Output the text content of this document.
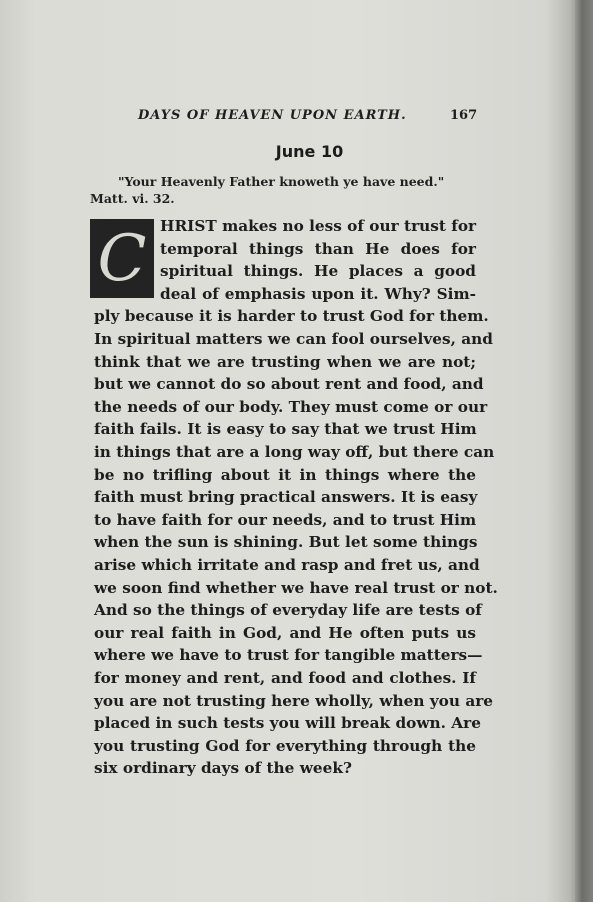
DAYS OF HEAVEN UPON EARTH.	167
June 10
"Your Heavenly Father knoweth ye have need."
Matt. vi. 32.
C HRIST makes no less of our trust for
temporal things than He does for
spiritual things. He places a good
deal of emphasis upon it. Why? Sim-
ply because it is harder to trust God for them.
In spiritual matters we can fool ourselves, and
think that we are trusting when we are not;
but we cannot do so about rent and food, and
the needs of our body. They must come or our
faith fails. It is easy to say that we trust Him
in things that are a long way off, but there can
be no trifling about it in things where the
faith must bring practical answers. It is easy
to have faith for our needs, and to trust Him
when the sun is shining. But let some things
arise which irritate and rasp and fret us, and
we soon find whether we have real trust or not.
And so the things of everyday life are tests of
our real faith in God, and He often puts us
where we have to trust for tangible matters—
for money and rent, and food and clothes. If
you are not trusting here wholly, when you are
placed in such tests you will break down. Are
you trusting God for everything through the
six ordinary days of the week?
